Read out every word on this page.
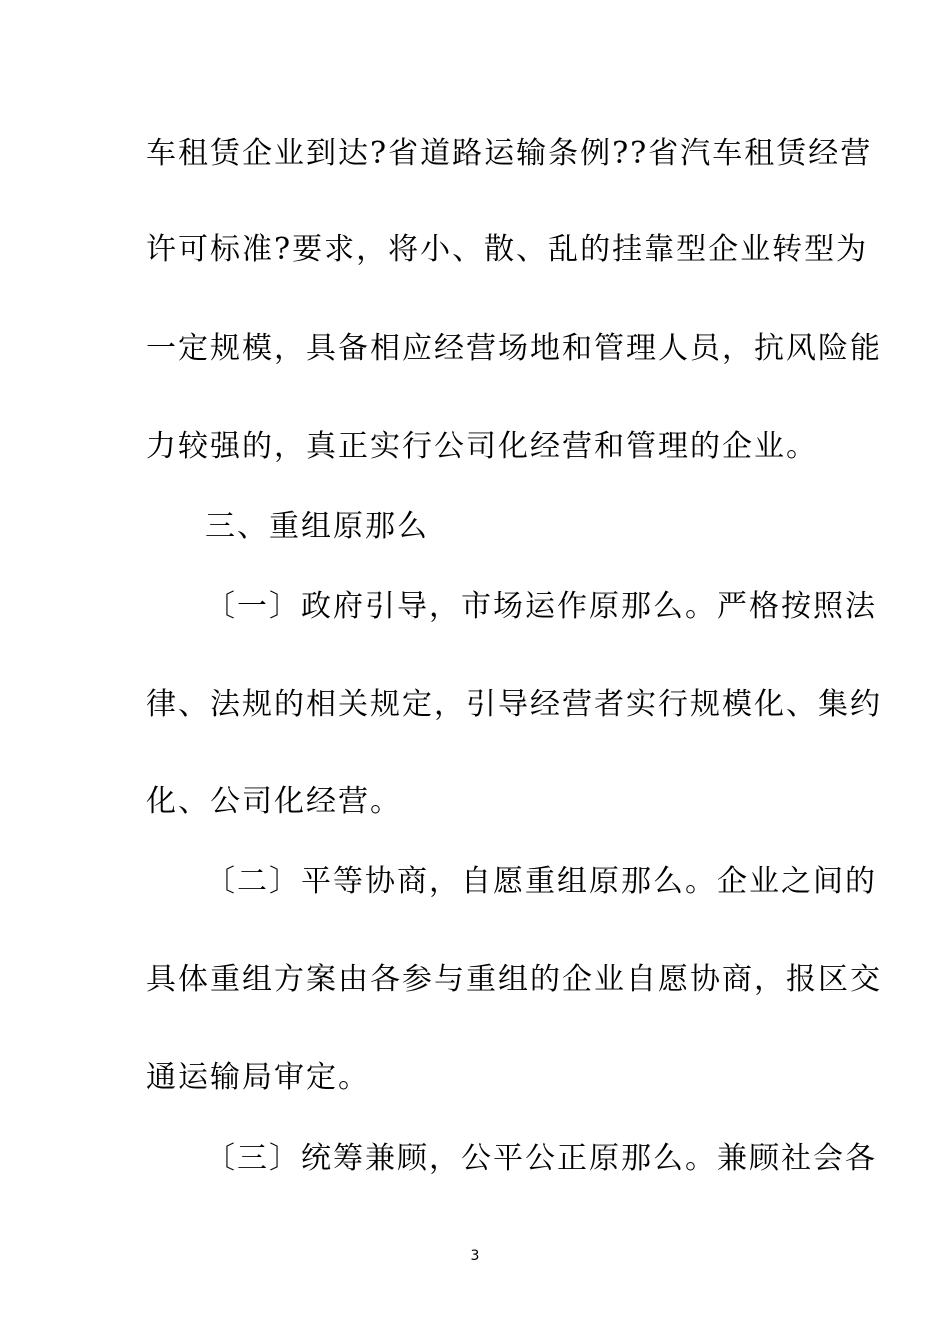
车租赁企业到达?省道路运输条例??省汽车租赁经营
许可标准?要求，将小、散、乱的挂靠型企业转型为
一定规模，具备相应经营场地和管理人员，抗风险能
力较强的，真正实行公司化经营和管理的企业。
三、重组原那么
〔一〕政府引导，市场运作原那么。严格按照法
律、法规的相关规定，引导经营者实行规模化、集约
化、公司化经营。
〔二〕平等协商，自愿重组原那么。企业之间的
具体重组方案由各参与重组的企业自愿协商，报区交
通运输局审定。
〔三〕统筹兼顾，公平公正原那么。兼顾社会各
3
